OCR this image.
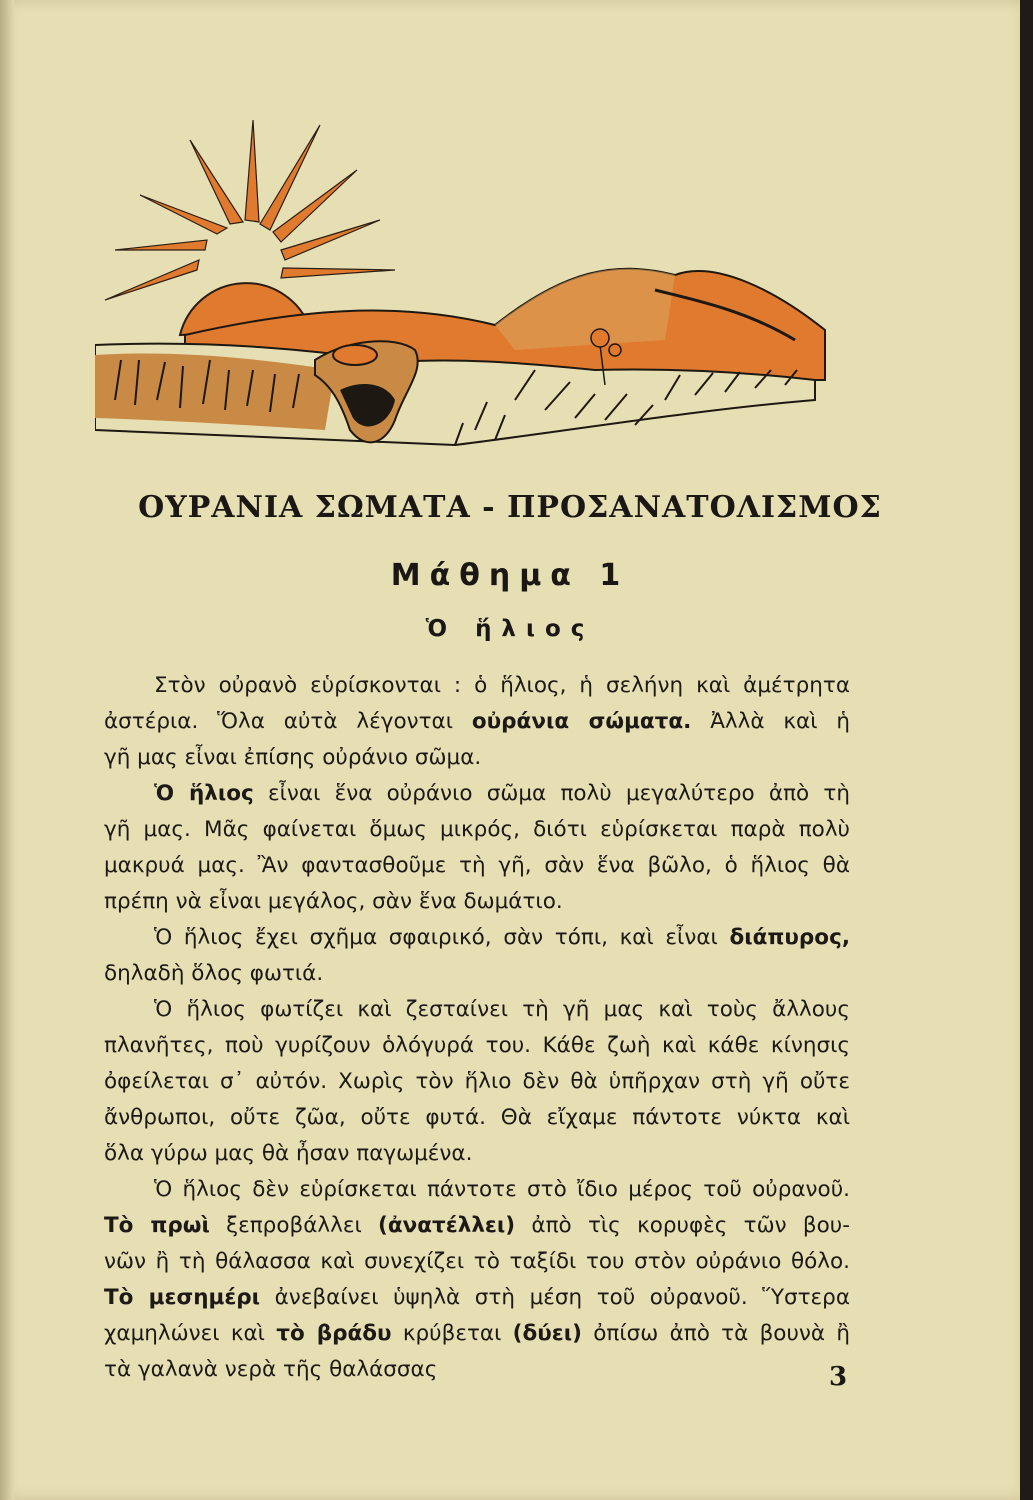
ΟΥΡΑΝΙΑ ΣΩΜΑΤΑ - ΠΡΟΣΑΝΑΤΟΛΙΣΜΟΣ
Μάθημα 1
Ὁ ἥλιος
Στὸν οὐρανὸ εὑρίσκονται : ὁ ἥλιος, ἡ σελήνη καὶ ἀμέτρητα
ἀστέρια. Ὅλα αὐτὰ λέγονται οὐράνια σώματα. Ἀλλὰ καὶ ἡ
γῆ μας εἶναι ἐπίσης οὐράνιο σῶμα.
Ὁ ἥλιος εἶναι ἕνα οὐράνιο σῶμα πολὺ μεγαλύτερο ἀπὸ τὴ
γῆ μας. Μᾶς φαίνεται ὅμως μικρός, διότι εὑρίσκεται παρὰ πολὺ
μακρυά μας. Ἂν φαντασθοῦμε τὴ γῆ, σὰν ἕνα βῶλο, ὁ ἥλιος θὰ
πρέπη νὰ εἶναι μεγάλος, σὰν ἕνα δωμάτιο.
Ὁ ἥλιος ἔχει σχῆμα σφαιρικό, σὰν τόπι, καὶ εἶναι διάπυρος,
δηλαδὴ ὅλος φωτιά.
Ὁ ἥλιος φωτίζει καὶ ζεσταίνει τὴ γῆ μας καὶ τοὺς ἄλλους
πλανῆτες, ποὺ γυρίζουν ὁλόγυρά του. Κάθε ζωὴ καὶ κάθε κίνησις
ὀφείλεται σ᾽ αὐτόν. Χωρὶς τὸν ἥλιο δὲν θὰ ὑπῆρχαν στὴ γῆ οὔτε
ἄνθρωποι, οὔτε ζῶα, οὔτε φυτά. Θὰ εἴχαμε πάντοτε νύκτα καὶ
ὅλα γύρω μας θὰ ἦσαν παγωμένα.
Ὁ ἥλιος δὲν εὑρίσκεται πάντοτε στὸ ἴδιο μέρος τοῦ οὐρανοῦ.
Τὸ πρωὶ ξεπροβάλλει (ἀνατέλλει) ἀπὸ τὶς κορυφὲς τῶν βου-
νῶν ἢ τὴ θάλασσα καὶ συνεχίζει τὸ ταξίδι του στὸν οὐράνιο θόλο.
Τὸ μεσημέρι ἀνεβαίνει ὑψηλὰ στὴ μέση τοῦ οὐρανοῦ. Ὕστερα
χαμηλώνει καὶ τὸ βράδυ κρύβεται (δύει) ὀπίσω ἀπὸ τὰ βουνὰ ἢ
τὰ γαλανὰ νερὰ τῆς θαλάσσας	3
